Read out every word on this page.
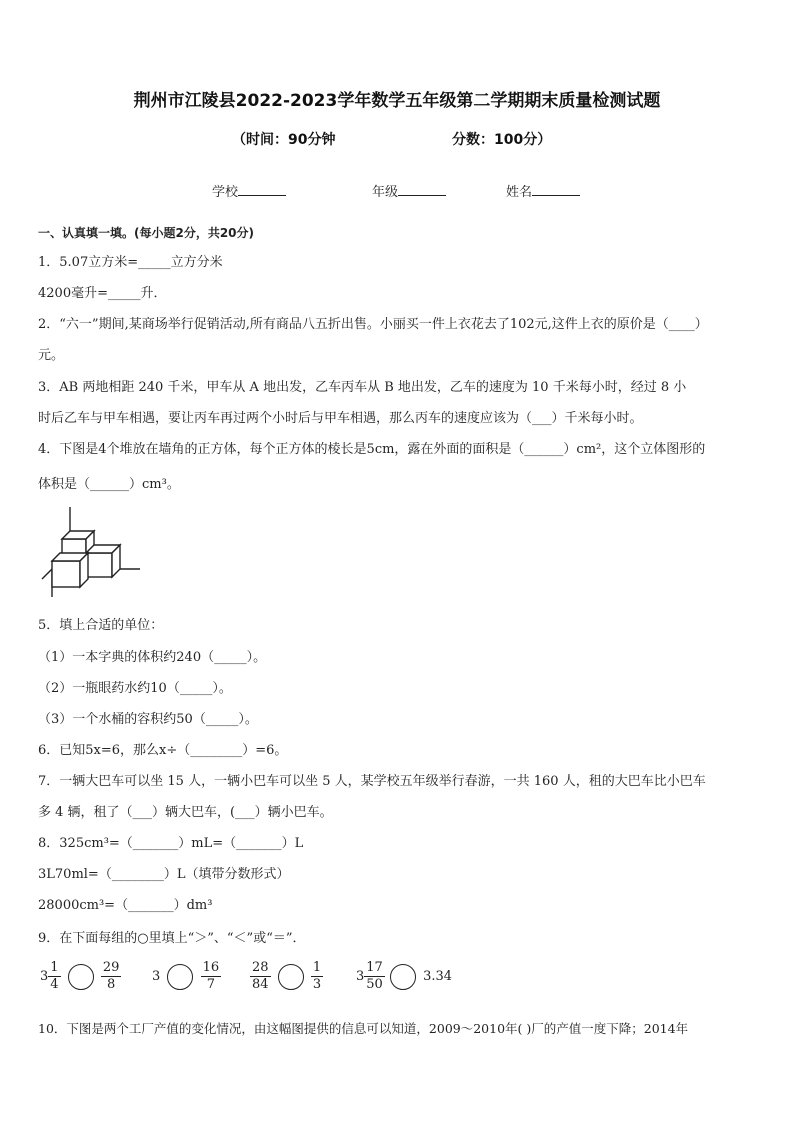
荆州市江陵县2022-2023学年数学五年级第二学期期末质量检测试题
（时间：90分钟	分数：100分）
学校	年级	姓名
一、认真填一填。(每小题2分，共20分)
1．5.07立方米=_____立方分米
4200毫升=_____升．
2．“六一”期间,某商场举行促销活动,所有商品八五折出售。小丽买一件上衣花去了102元,这件上衣的原价是（____）
元。
3．AB 两地相距 240 千米，甲车从 A 地出发，乙车丙车从 B 地出发，乙车的速度为 10 千米每小时，经过 8 小
时后乙车与甲车相遇，要让丙车再过两个小时后与甲车相遇，那么丙车的速度应该为（___）千米每小时。
4．下图是4个堆放在墙角的正方体，每个正方体的棱长是5cm，露在外面的面积是（______）cm²，这个立体图形的
体积是（______）cm³。
5．填上合适的单位：
（1）一本字典的体积约240（_____）。
（2）一瓶眼药水约10（_____）。
（3）一个水桶的容积约50（_____）。
6．已知5x=6，那么x÷（________）=6。
7．一辆大巴车可以坐 15 人，一辆小巴车可以坐 5 人，某学校五年级举行春游，一共 160 人，租的大巴车比小巴车
多 4 辆，租了（___）辆大巴车，(___）辆小巴车。
8．325cm³=（_______）mL=（_______）L
3L70ml=（________）L（填带分数形式）
28000cm³=（_______）dm³
9．在下面每组的○里填上“＞”、“＜”或“＝”．
$3 \frac{1}{4}$
	$\frac{29}{8} 3$	$\frac{16}{7} \frac{28}{84}$
	$\frac{1}{3}$	$3 \frac{17}{50}$	3.34
10．下图是两个工厂产值的变化情况，由这幅图提供的信息可以知道，2009～2010年( )厂的产值一度下降；2014年
